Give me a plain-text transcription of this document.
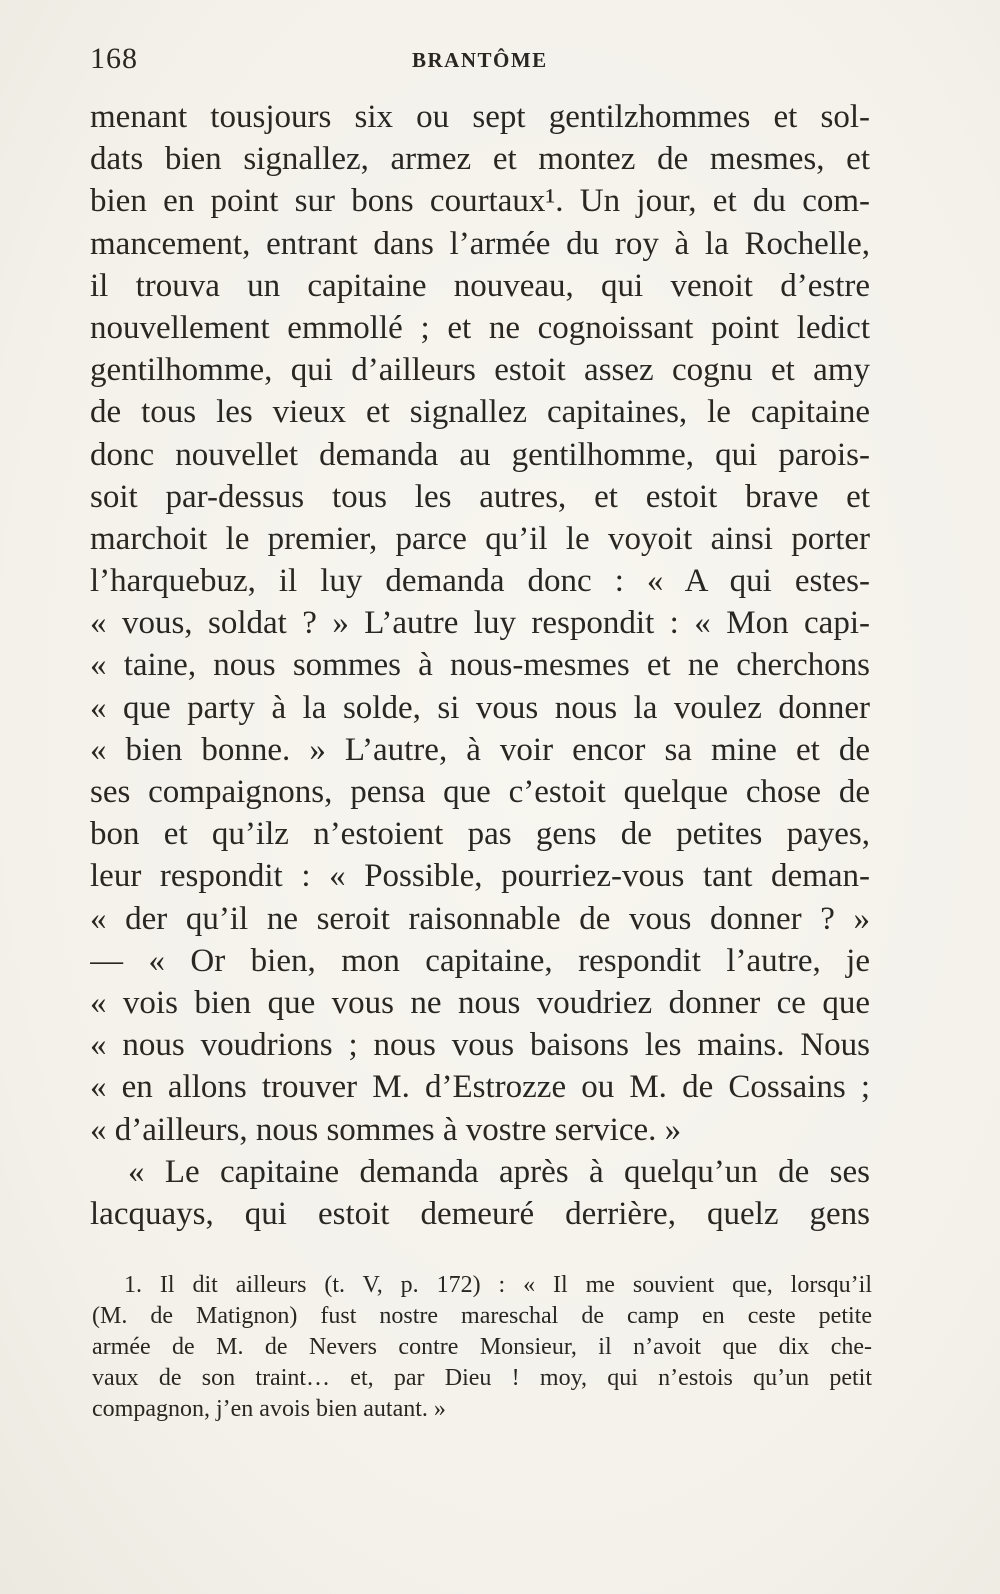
168	BRANTÔME
menant tousjours six ou sept gentilzhommes et sol-
dats bien signallez, armez et montez de mesmes, et
bien en point sur bons courtaux¹. Un jour, et du com-
mancement, entrant dans l’armée du roy à la Rochelle,
il trouva un capitaine nouveau, qui venoit d’estre
nouvellement emmollé ; et ne cognoissant point ledict
gentilhomme, qui d’ailleurs estoit assez cognu et amy
de tous les vieux et signallez capitaines, le capitaine
donc nouvellet demanda au gentilhomme, qui parois-
soit par-dessus tous les autres, et estoit brave et
marchoit le premier, parce qu’il le voyoit ainsi porter
l’harquebuz, il luy demanda donc : « A qui estes-
« vous, soldat ? » L’autre luy respondit : « Mon capi-
« taine, nous sommes à nous-mesmes et ne cherchons
« que party à la solde, si vous nous la voulez donner
« bien bonne. » L’autre, à voir encor sa mine et de
ses compaignons, pensa que c’estoit quelque chose de
bon et qu’ilz n’estoient pas gens de petites payes,
leur respondit : « Possible, pourriez-vous tant deman-
« der qu’il ne seroit raisonnable de vous donner ? »
— « Or bien, mon capitaine, respondit l’autre, je
« vois bien que vous ne nous voudriez donner ce que
« nous voudrions ; nous vous baisons les mains. Nous
« en allons trouver M. d’Estrozze ou M. de Cossains ;
« d’ailleurs, nous sommes à vostre service. »
« Le capitaine demanda après à quelqu’un de ses
lacquays, qui estoit demeuré derrière, quelz gens
1. Il dit ailleurs (t. V, p. 172) : « Il me souvient que, lorsqu’il
(M. de Matignon) fust nostre mareschal de camp en ceste petite
armée de M. de Nevers contre Monsieur, il n’avoit que dix che-
vaux de son traint… et, par Dieu ! moy, qui n’estois qu’un petit
compagnon, j’en avois bien autant. »
